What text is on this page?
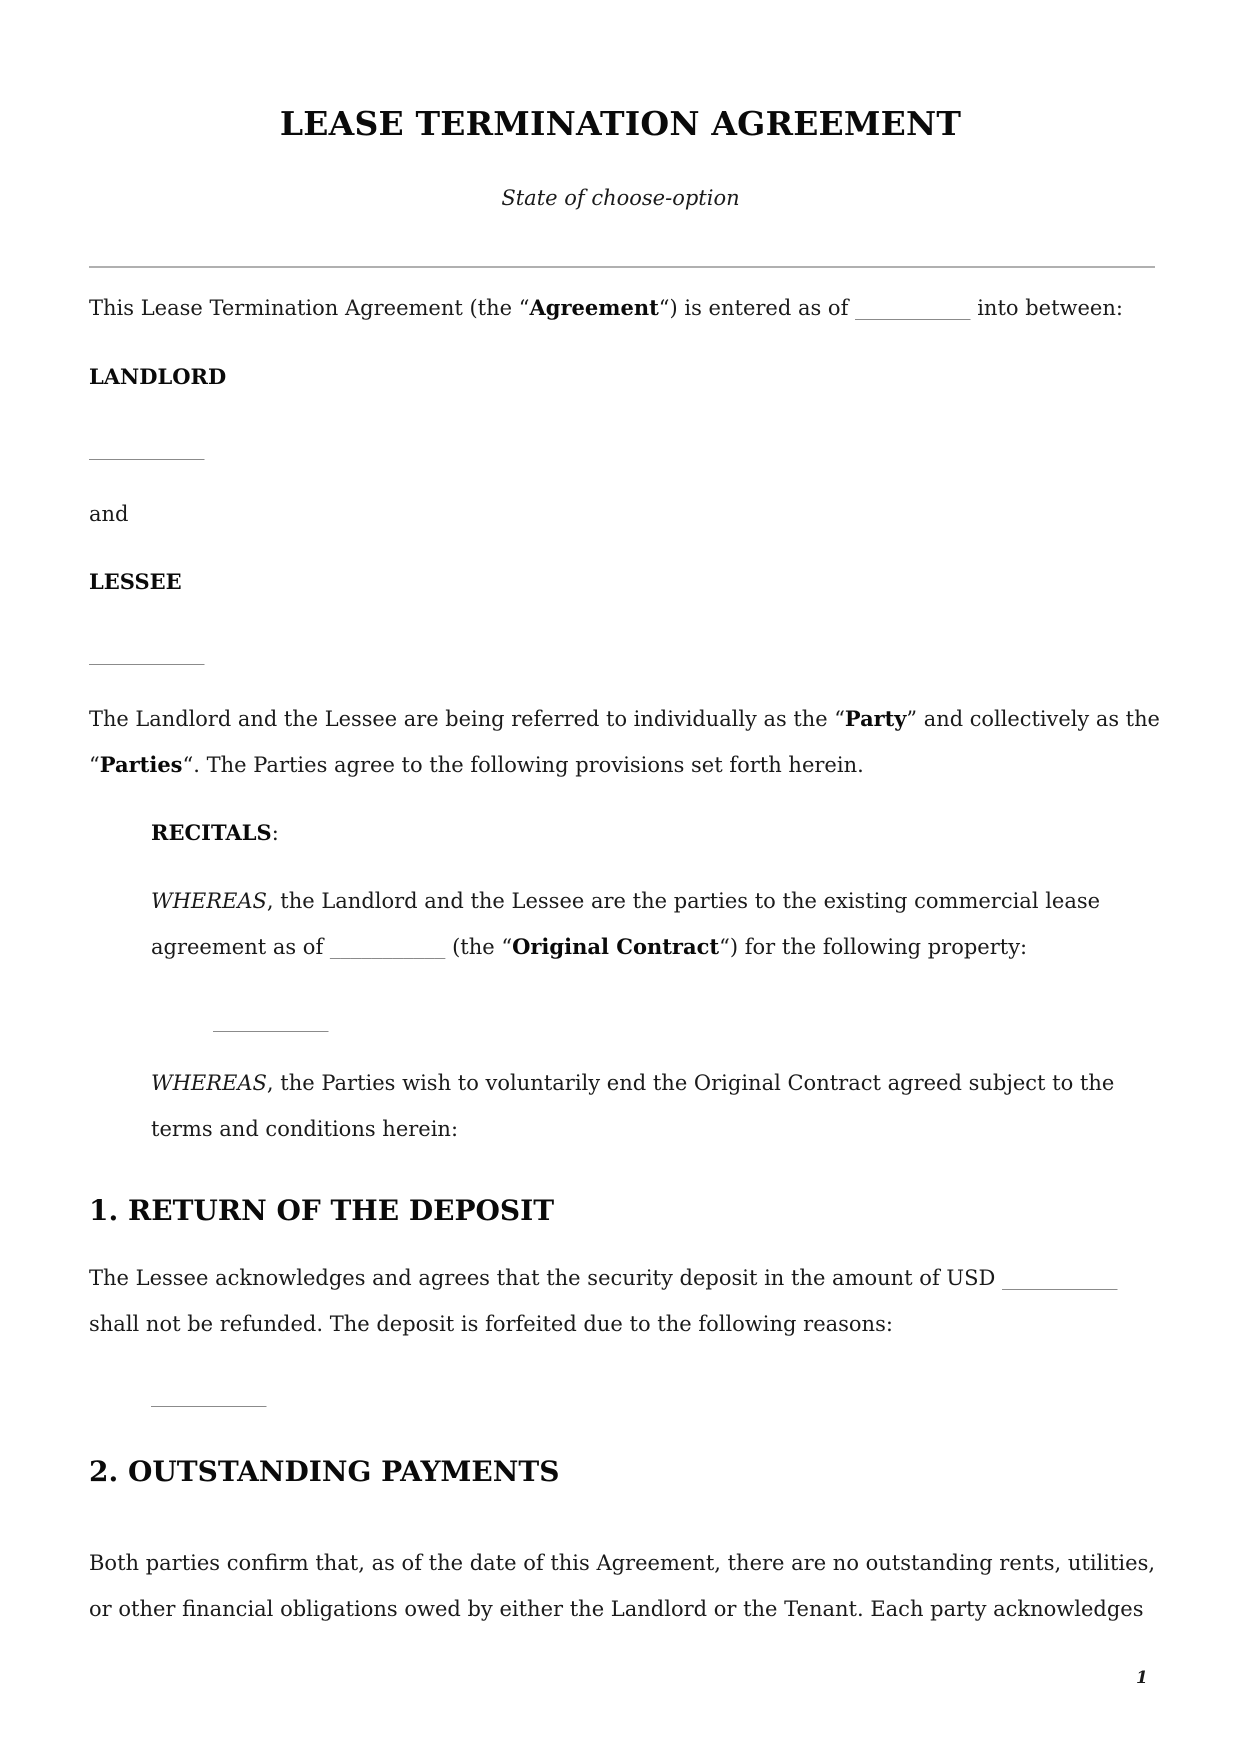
LEASE TERMINATION AGREEMENT
State of choose-option
This Lease Termination Agreement (the “Agreement“) is entered as of ___________ into between:
LANDLORD
___________
and
LESSEE
___________
The Landlord and the Lessee are being referred to individually as the “Party” and collectively as the
“Parties“. The Parties agree to the following provisions set forth herein.
RECITALS:
WHEREAS, the Landlord and the Lessee are the parties to the existing commercial lease
agreement as of ___________ (the “Original Contract“) for the following property:
___________
WHEREAS, the Parties wish to voluntarily end the Original Contract agreed subject to the
terms and conditions herein:
1. RETURN OF THE DEPOSIT
The Lessee acknowledges and agrees that the security deposit in the amount of USD ___________
shall not be refunded. The deposit is forfeited due to the following reasons:
___________
2. OUTSTANDING PAYMENTS
Both parties confirm that, as of the date of this Agreement, there are no outstanding rents, utilities,
or other financial obligations owed by either the Landlord or the Tenant. Each party acknowledges
1
